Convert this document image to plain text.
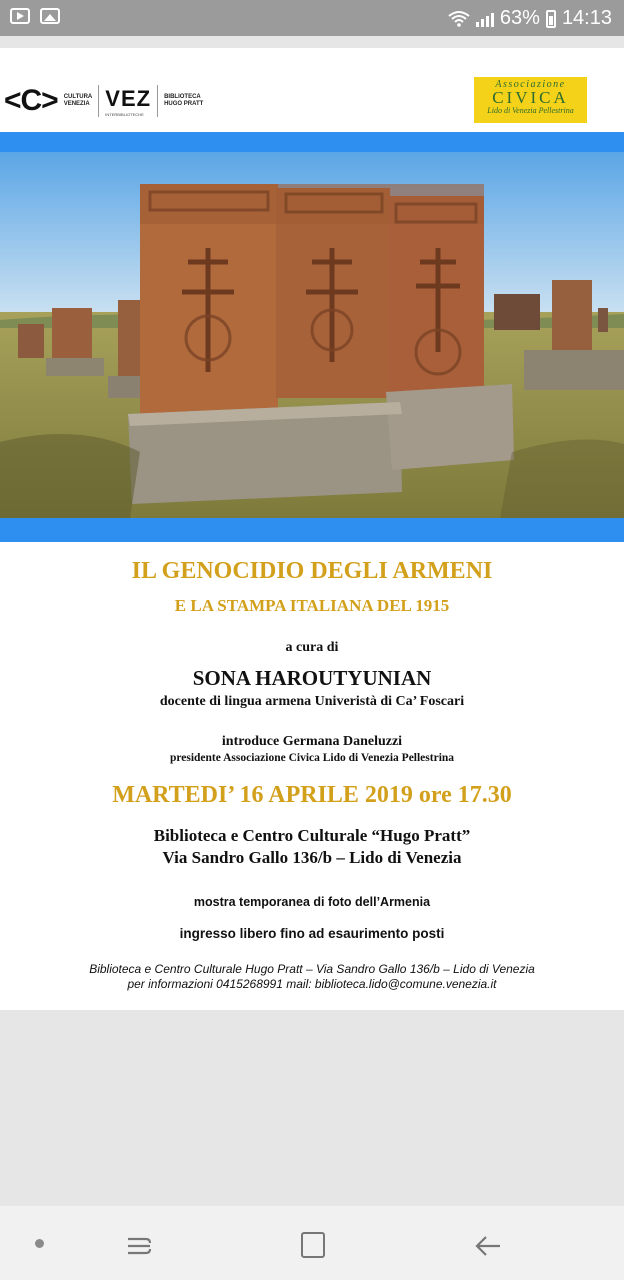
63% 14:13
<C> CULTURA
VENEZIA VEZ
INTERBIBLIOTECHE
BIBLIOTECA
HUGO PRATT
Associazione
CIVICA
Lido di Venezia Pellestrina
IL GENOCIDIO DEGLI ARMENI
E LA STAMPA ITALIANA DEL 1915
a cura di
SONA HAROUTYUNIAN
docente di lingua armena Univeristà di Ca’ Foscari
introduce Germana Daneluzzi
presidente Associazione Civica Lido di Venezia Pellestrina
MARTEDI’ 16 APRILE 2019 ore 17.30
Biblioteca e Centro Culturale “Hugo Pratt”
Via Sandro Gallo 136/b – Lido di Venezia
mostra temporanea di foto dell’Armenia
ingresso libero fino ad esaurimento posti
Biblioteca e Centro Culturale Hugo Pratt – Via Sandro Gallo 136/b – Lido di Venezia
per informazioni 0415268991 mail: biblioteca.lido@comune.venezia.it
